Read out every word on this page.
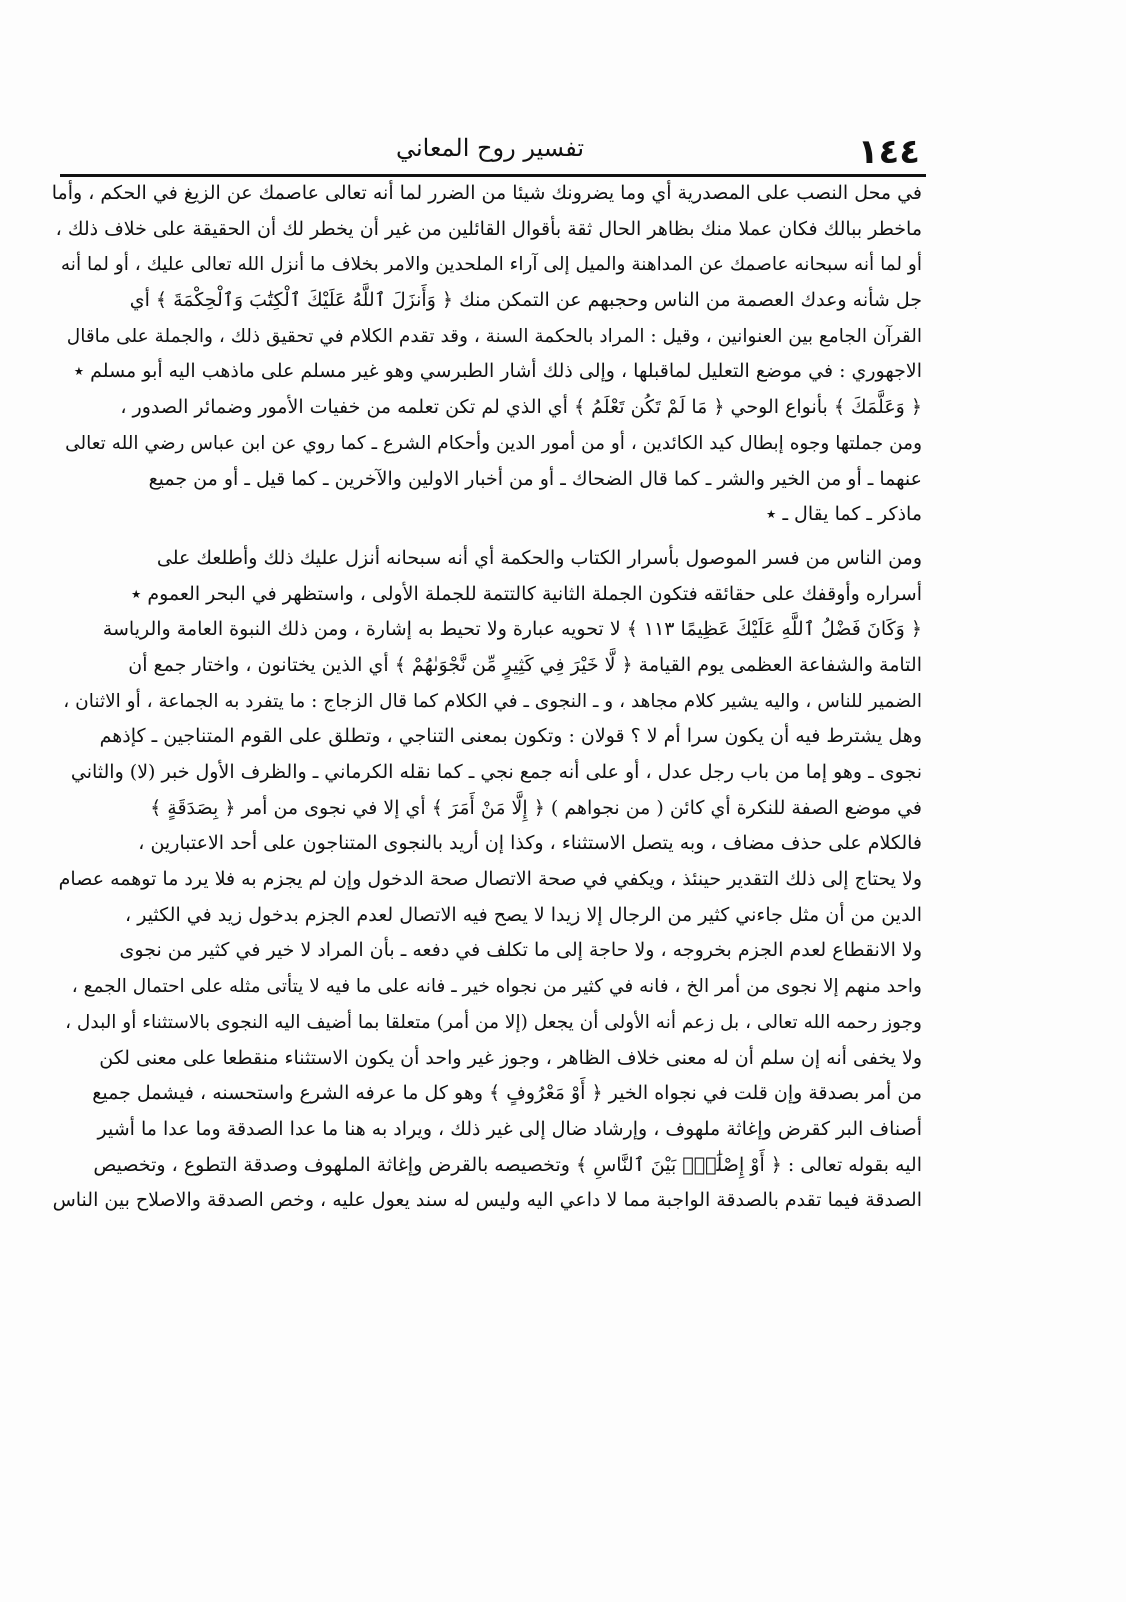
١٤٤
تفسير روح المعاني
في محل النصب على المصدرية أي وما يضرونك شيئا من الضرر لما أنه تعالى عاصمك عن الزيغ في الحكم ، وأما
ماخطر ببالك فكان عملا منك بظاهر الحال ثقة بأقوال القائلين من غير أن يخطر لك أن الحقيقة على خلاف ذلك ،
أو لما أنه سبحانه عاصمك عن المداهنة والميل إلى آراء الملحدين والامر بخلاف ما أنزل الله تعالى عليك ، أو لما أنه
جل شأنه وعدك العصمة من الناس وحجبهم عن التمكن منك ﴿ وَأَنزَلَ ٱللَّهُ عَلَيْكَ ٱلْكِتَٰبَ وَٱلْحِكْمَةَ ﴾ أي
القرآن الجامع بين العنوانين ، وقيل : المراد بالحكمة السنة ، وقد تقدم الكلام في تحقيق ذلك ، والجملة على ماقال
الاجهوري : في موضع التعليل لماقبلها ، وإلى ذلك أشار الطبرسي وهو غير مسلم على ماذهب اليه أبو مسلم ٭
﴿ وَعَلَّمَكَ ﴾ بأنواع الوحي ﴿ مَا لَمْ تَكُن تَعْلَمُ ﴾ أي الذي لم تكن تعلمه من خفيات الأمور وضمائر الصدور ،
ومن جملتها وجوه إبطال كيد الكائدين ، أو من أمور الدين وأحكام الشرع ـ كما روي عن ابن عباس رضي الله تعالى
عنهما ـ أو من الخير والشر ـ كما قال الضحاك ـ أو من أخبار الاولين والآخرين ـ كما قيل ـ أو من جميع
ماذكر ـ كما يقال ـ ٭
ومن الناس من فسر الموصول بأسرار الكتاب والحكمة أي أنه سبحانه أنزل عليك ذلك وأطلعك على
أسراره وأوقفك على حقائقه فتكون الجملة الثانية كالتتمة للجملة الأولى ، واستظهر في البحر العموم ٭
﴿ وَكَانَ فَضْلُ ٱللَّهِ عَلَيْكَ عَظِيمًا ١١٣ ﴾ لا تحويه عبارة ولا تحيط به إشارة ، ومن ذلك النبوة العامة والرياسة
التامة والشفاعة العظمى يوم القيامة ﴿ لَّا خَيْرَ فِي كَثِيرٍ مِّن نَّجْوَىٰهُمْ ﴾ أي الذين يختانون ، واختار جمع أن
الضمير للناس ، واليه يشير كلام مجاهد ، و ـ النجوى ـ في الكلام كما قال الزجاج : ما يتفرد به الجماعة ، أو الاثنان ،
وهل يشترط فيه أن يكون سرا أم لا ؟ قولان : وتكون بمعنى التناجي ، وتطلق على القوم المتناجين ـ كإذهم
نجوى ـ وهو إما من باب رجل عدل ، أو على أنه جمع نجي ـ كما نقله الكرماني ـ والظرف الأول خبر (لا) والثاني
في موضع الصفة للنكرة أي كائن ( من نجواهم ) ﴿ إِلَّا مَنْ أَمَرَ ﴾ أي إلا في نجوى من أمر ﴿ بِصَدَقَةٍ ﴾
فالكلام على حذف مضاف ، وبه يتصل الاستثناء ، وكذا إن أريد بالنجوى المتناجون على أحد الاعتبارين ،
ولا يحتاج إلى ذلك التقدير حينئذ ، ويكفي في صحة الاتصال صحة الدخول وإن لم يجزم به فلا يرد ما توهمه عصام
الدين من أن مثل جاءني كثير من الرجال إلا زيدا لا يصح فيه الاتصال لعدم الجزم بدخول زيد في الكثير ،
ولا الانقطاع لعدم الجزم بخروجه ، ولا حاجة إلى ما تكلف في دفعه ـ بأن المراد لا خير في كثير من نجوى
واحد منهم إلا نجوى من أمر الخ ، فانه في كثير من نجواه خير ـ فانه على ما فيه لا يتأتى مثله على احتمال الجمع ،
وجوز رحمه الله تعالى ، بل زعم أنه الأولى أن يجعل (إلا من أمر) متعلقا بما أضيف اليه النجوى بالاستثناء أو البدل ،
ولا يخفى أنه إن سلم أن له معنى خلاف الظاهر ، وجوز غير واحد أن يكون الاستثناء منقطعا على معنى لكن
من أمر بصدقة وإن قلت في نجواه الخير ﴿ أَوْ مَعْرُوفٍ ﴾ وهو كل ما عرفه الشرع واستحسنه ، فيشمل جميع
أصناف البر كقرض وإغاثة ملهوف ، وإرشاد ضال إلى غير ذلك ، ويراد به هنا ما عدا الصدقة وما عدا ما أشير
اليه بقوله تعالى : ﴿ أَوْ إِصْلَٰحٍۭ بَيْنَ ٱلنَّاسِ ﴾ وتخصيصه بالقرض وإغاثة الملهوف وصدقة التطوع ، وتخصيص
الصدقة فيما تقدم بالصدقة الواجبة مما لا داعي اليه وليس له سند يعول عليه ، وخص الصدقة والاصلاح بين الناس
